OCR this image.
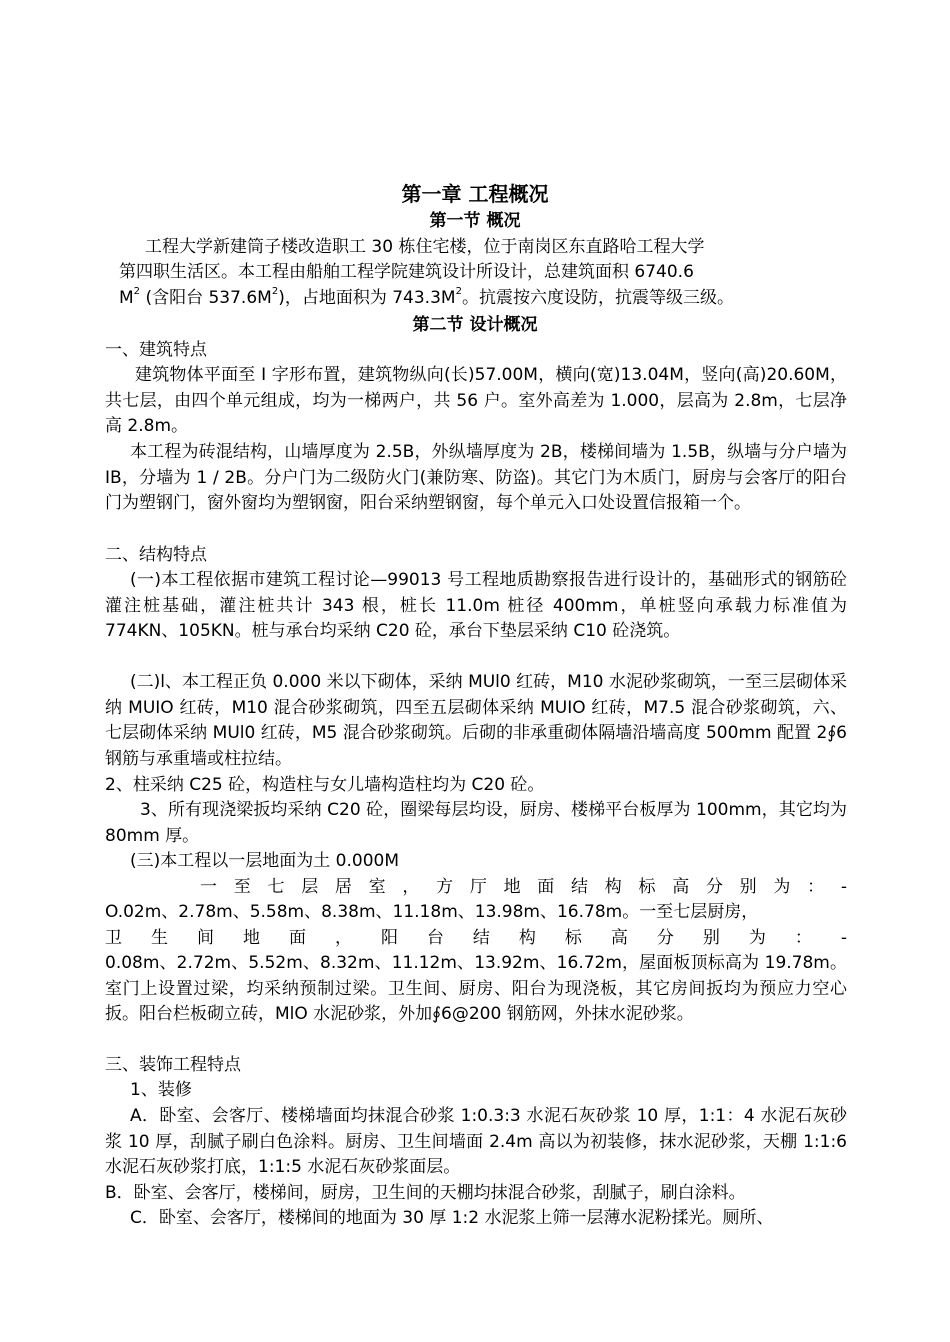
第一章 工程概况
第一节 概况
工程大学新建筒子楼改造职工 30 栋住宅楼，位于南岗区东直路哈工程大学
第四职生活区。本工程由船舶工程学院建筑设计所设计，总建筑面积 6740.6
$M^2$ (含阳台 $537.6M^2$)，占地面积为 $743.3M^2$。抗震按六度设防，抗震等级三级。
第二节 设计概况
一、建筑特点
建筑物体平面至 I 字形布置，建筑物纵向(长)57.00M，横向(宽)13.04M，竖向(高)20.60M，共七层，由四个单元组成，均为一梯两户，共 56 户。室外高差为 1.000，层高为 2.8m，七层净高 2.8m。
本工程为砖混结构，山墙厚度为 2.5B，外纵墙厚度为 2B，楼梯间墙为 1.5B，纵墙与分户墙为 IB，分墙为 1 / 2B。分户门为二级防火门(兼防寒、防盗)。其它门为木质门，厨房与会客厅的阳台门为塑钢门，窗外窗均为塑钢窗，阳台采纳塑钢窗，每个单元入口处设置信报箱一个。
二、结构特点
(一)本工程依据市建筑工程讨论—99013 号工程地质勘察报告进行设计的，基础形式的钢筋砼灌注桩基础，灌注桩共计 343 根，桩长 11.0m 桩径 400mm，单桩竖向承载力标准值为 774KN、105KN。桩与承台均采纳 C20 砼，承台下垫层采纳 C10 砼浇筑。
(二)l、本工程正负 0.000 米以下砌体，采纳 MUl0 红砖，M10 水泥砂浆砌筑，一至三层砌体采纳 MUIO 红砖，M10 混合砂浆砌筑，四至五层砌体采纳 MUIO 红砖，M7.5 混合砂浆砌筑，六、七层砌体采纳 MUl0 红砖，M5 混合砂浆砌筑。后砌的非承重砌体隔墙沿墙高度 500mm 配置 2∮6 钢筋与承重墙或柱拉结。
2、柱采纳 C25 砼，构造柱与女儿墙构造柱均为 C20 砼。
3、所有现浇梁扳均采纳 C20 砼，圈梁每层均设，厨房、楼梯平台板厚为 100mm，其它均为 80mm 厚。
(三)本工程以一层地面为土 0.000M
一 至 七 层 居 室 ， 方 厅 地 面 结 构 标 高 分 别 为 ： -
O.02m、2.78m、5.58m、8.38m、11.18m、13.98m、16.78m。一至七层厨房，
卫 生 间 地 面 ， 阳 台 结 构 标 高 分 别 为 ： -
0.08m、2.72m、5.52m、8.32m、11.12m、13.92m、16.72m，屋面板顶标高为 19.78m。室门上设置过梁，均采纳预制过梁。卫生间、厨房、阳台为现浇板，其它房间扳均为预应力空心扳。阳台栏板砌立砖，MlO 水泥砂浆，外加∮6@200 钢筋网，外抹水泥砂浆。
三、装饰工程特点
1、装修
A．卧室、会客厅、楼梯墙面均抹混合砂浆 1:0.3:3 水泥石灰砂浆 10 厚，1:1：4 水泥石灰砂浆 10 厚，刮腻子刷白色涂料。厨房、卫生间墙面 2.4m 高以为初装修，抹水泥砂浆，天棚 1:1:6 水泥石灰砂浆打底，1:1:5 水泥石灰砂浆面层。
B．卧室、会客厅，楼梯间，厨房，卫生间的天棚均抹混合砂浆，刮腻子，刷白涂料。
C．卧室、会客厅，楼梯间的地面为 30 厚 1:2 水泥浆上筛一层薄水泥粉揉光。厕所、
